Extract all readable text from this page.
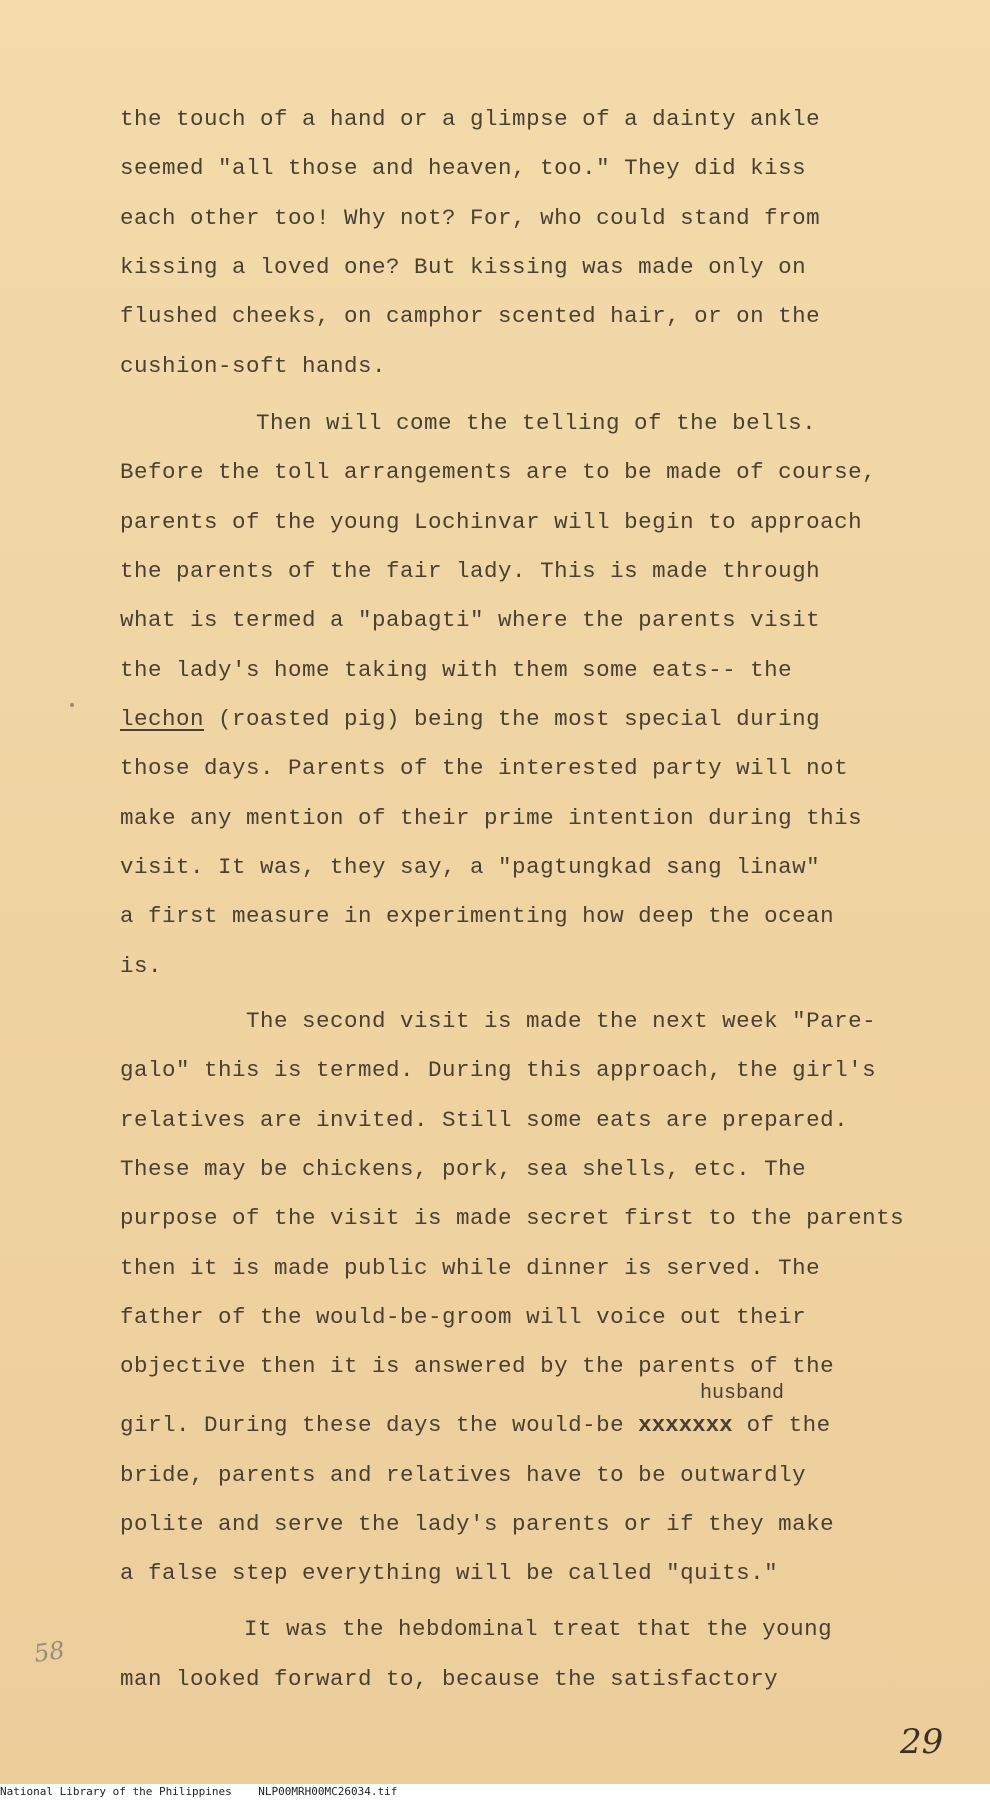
the touch of a hand or a glimpse of a dainty ankle
seemed "all those and heaven, too." They did kiss
each other too! Why not? For, who could stand from
kissing a loved one? But kissing was made only on
flushed cheeks, on camphor scented hair, or on the
cushion-soft hands.
Then will come the telling of the bells.
Before the toll arrangements are to be made of course,
parents of the young Lochinvar will begin to approach
the parents of the fair lady. This is made through
what is termed a "pabagti" where the parents visit
the lady's home taking with them some eats-- the
lechon (roasted pig) being the most special during
those days. Parents of the interested party will not
make any mention of their prime intention during this
visit. It was, they say, a "pagtungkad sang linaw"
a first measure in experimenting how deep the ocean
is.
The second visit is made the next week "Pare-
galo" this is termed. During this approach, the girl's
relatives are invited. Still some eats are prepared.
These may be chickens, pork, sea shells, etc. The
purpose of the visit is made secret first to the parents
then it is made public while dinner is served. The
father of the would-be-groom will voice out their
objective then it is answered by the parents of the
husband
girl. During these days the would-be xxxxxxx of the
bride, parents and relatives have to be outwardly
polite and serve the lady's parents or if they make
a false step everything will be called "quits."
It was the hebdominal treat that the young
man looked forward to, because the satisfactory
58
29
National Library of the Philippines NLP00MRH00MC26034.tif
